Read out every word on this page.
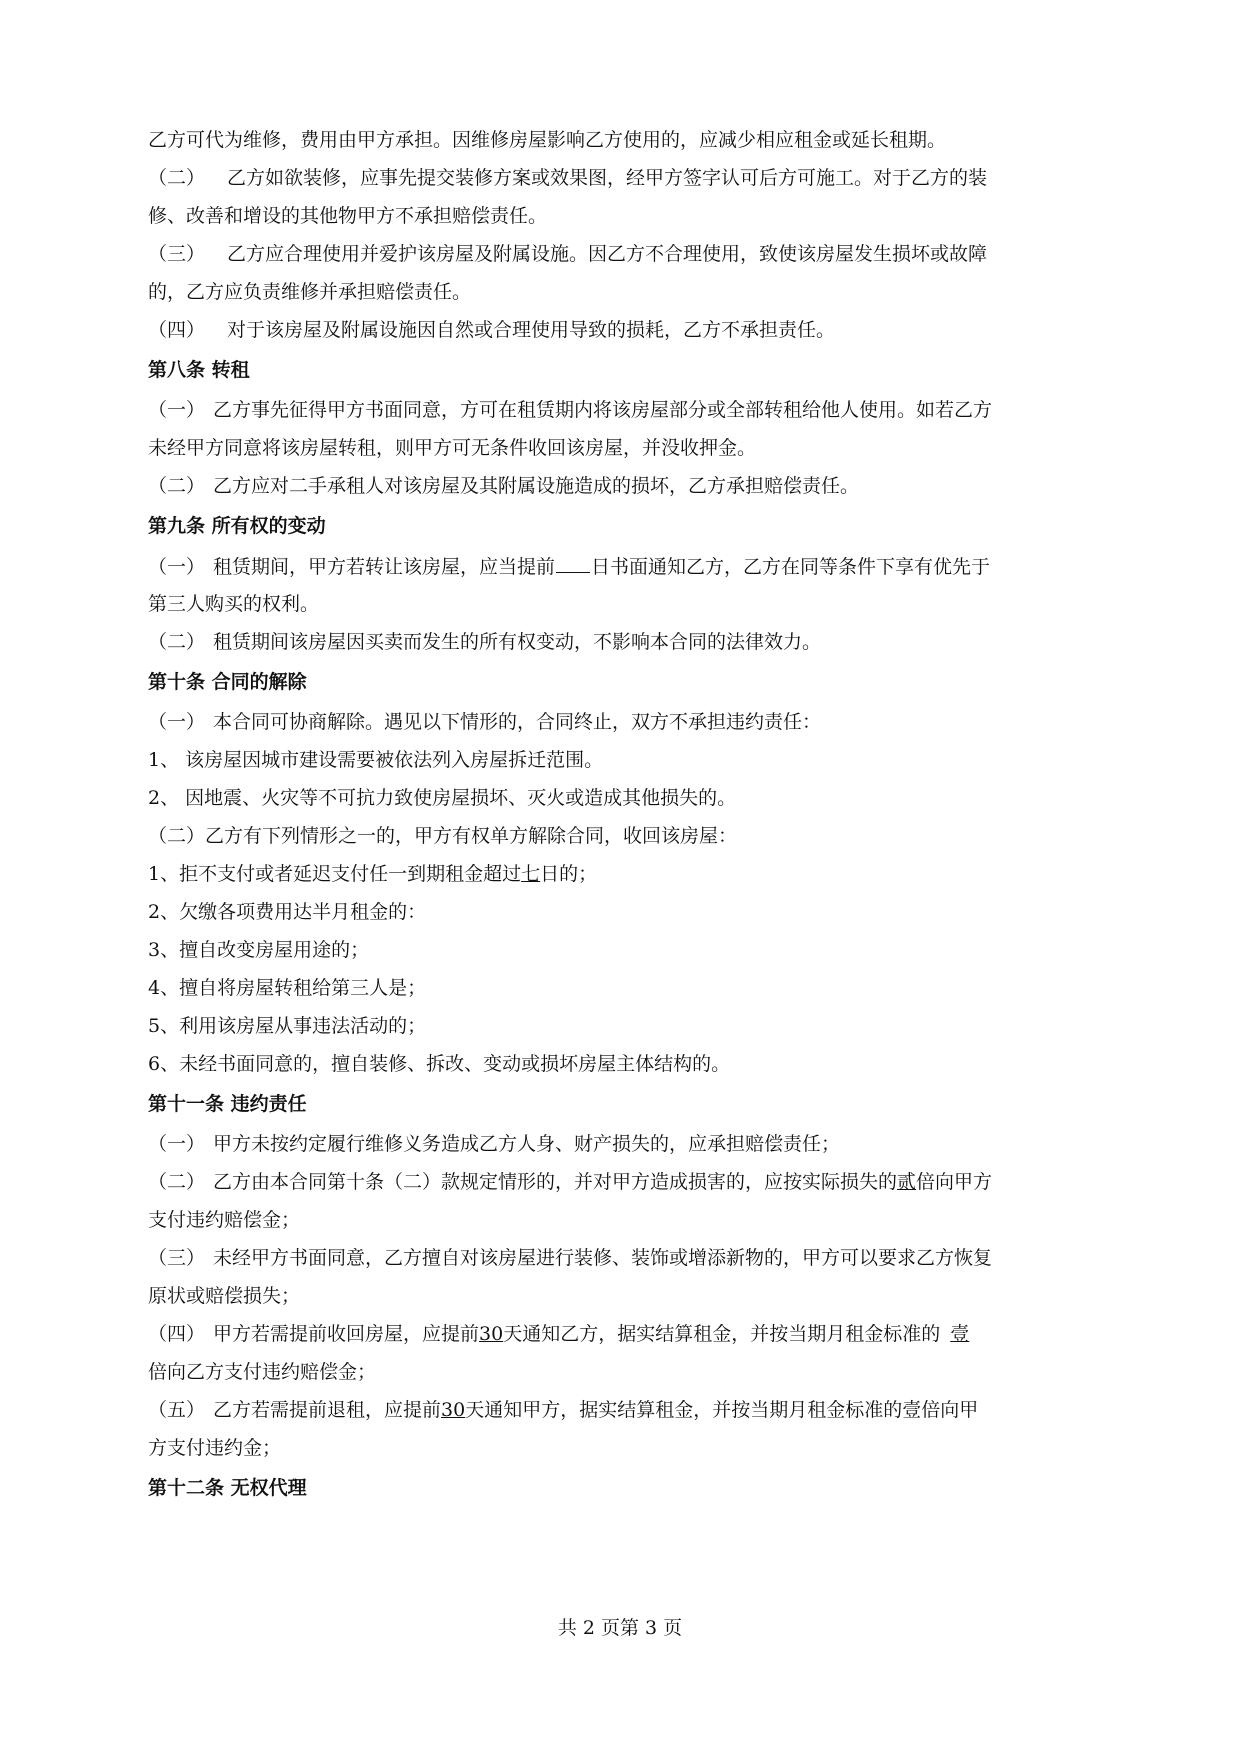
乙方可代为维修，费用由甲方承担。因维修房屋影响乙方使用的，应减少相应租金或延长租期。
（二） 乙方如欲装修，应事先提交装修方案或效果图，经甲方签字认可后方可施工。对于乙方的装
修、改善和增设的其他物甲方不承担赔偿责任。
（三） 乙方应合理使用并爱护该房屋及附属设施。因乙方不合理使用，致使该房屋发生损坏或故障
的，乙方应负责维修并承担赔偿责任。
（四） 对于该房屋及附属设施因自然或合理使用导致的损耗，乙方不承担责任。
第八条 转租
（一） 乙方事先征得甲方书面同意，方可在租赁期内将该房屋部分或全部转租给他人使用。如若乙方
未经甲方同意将该房屋转租，则甲方可无条件收回该房屋，并没收押金。
（二） 乙方应对二手承租人对该房屋及其附属设施造成的损坏，乙方承担赔偿责任。
第九条 所有权的变动
（一） 租赁期间，甲方若转让该房屋，应当提前 日书面通知乙方，乙方在同等条件下享有优先于
第三人购买的权利。
（二） 租赁期间该房屋因买卖而发生的所有权变动，不影响本合同的法律效力。
第十条 合同的解除
（一） 本合同可协商解除。遇见以下情形的，合同终止，双方不承担违约责任：
1、 该房屋因城市建设需要被依法列入房屋拆迁范围。
2、 因地震、火灾等不可抗力致使房屋损坏、灭火或造成其他损失的。
（二）乙方有下列情形之一的，甲方有权单方解除合同，收回该房屋：
1、拒不支付或者延迟支付任一到期租金超过七日的；
2、欠缴各项费用达半月租金的：
3、擅自改变房屋用途的；
4、擅自将房屋转租给第三人是；
5、利用该房屋从事违法活动的；
6、未经书面同意的，擅自装修、拆改、变动或损坏房屋主体结构的。
第十一条 违约责任
（一） 甲方未按约定履行维修义务造成乙方人身、财产损失的，应承担赔偿责任；
（二） 乙方由本合同第十条（二）款规定情形的，并对甲方造成损害的，应按实际损失的贰倍向甲方
支付违约赔偿金；
（三） 未经甲方书面同意，乙方擅自对该房屋进行装修、装饰或增添新物的，甲方可以要求乙方恢复
原状或赔偿损失；
（四） 甲方若需提前收回房屋，应提前30天通知乙方，据实结算租金，并按当期月租金标准的 壹
倍向乙方支付违约赔偿金；
（五） 乙方若需提前退租，应提前30天通知甲方，据实结算租金，并按当期月租金标准的壹倍向甲
方支付违约金；
第十二条 无权代理
共 2 页第 3 页
